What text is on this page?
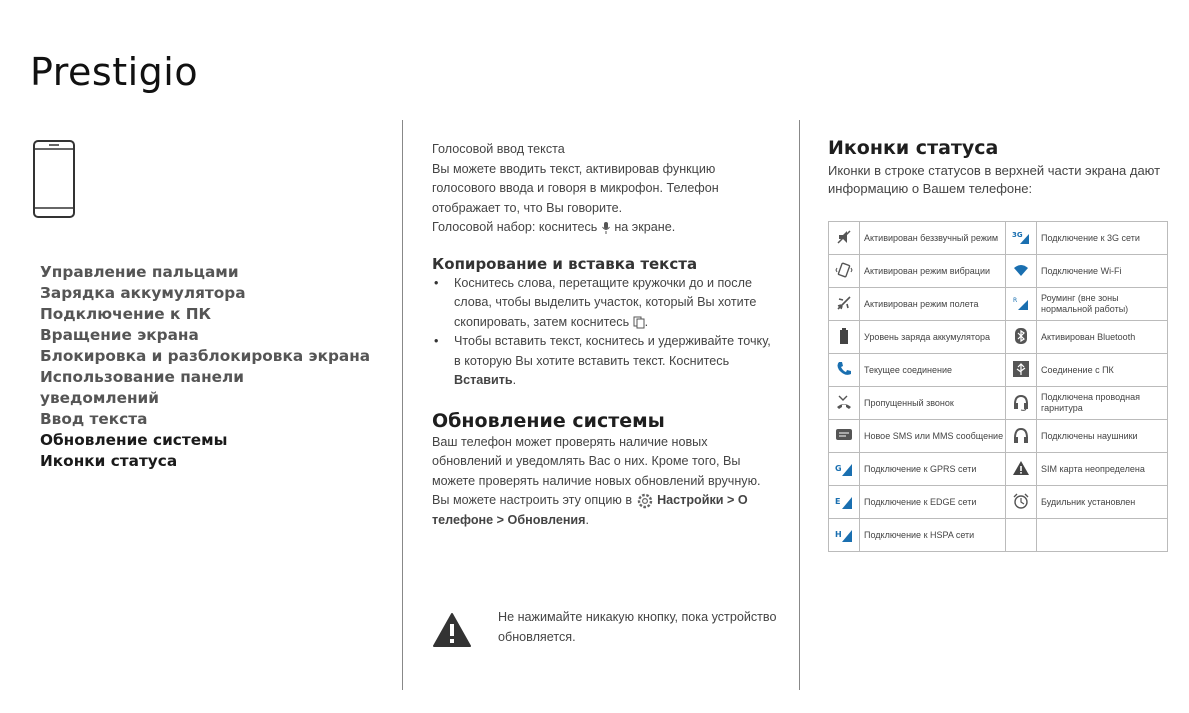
Prestigio
Управление пальцами
Зарядка аккумулятора
Подключение к ПК
Вращение экрана
Блокировка и разблокировка экрана
Использование панели
уведомлений
Ввод текста
Обновление системы
Иконки статуса
Голосовой ввод текста
Вы можете вводить текст, активировав функцию голосового ввода и говоря в микрофон. Телефон отображает то, что Вы говорите.
Голосовой набор: коснитесь на экране.
Копирование и вставка текста
• Коснитесь слова, перетащите кружочки до и после слова, чтобы выделить участок, который Вы хотите скопировать, затем коснитесь .
• Чтобы вставить текст, коснитесь и удерживайте точку, в которую Вы хотите вставить текст. Коснитесь Вставить.
Обновление системы
Ваш телефон может проверять наличие новых обновлений и уведомлять Вас о них. Кроме того, Вы можете проверять наличие новых обновлений вручную. Вы можете настроить эту опцию в Настройки > О телефоне > Обновления.
Не нажимайте никакую кнопку, пока устройство обновляется.
Иконки статуса
Иконки в строке статусов в верхней части экрана дают информацию о Вашем телефоне:
	Активирован беззвучный режим	3G	Подключение к 3G сети
	Активирован режим вибрации		Подключение Wi-Fi
	Активирован режим полета	R	Роуминг (вне зоны нормальной работы)
	Уровень заряда аккумулятора		Активирован Bluetooth
	Текущее соединение		Соединение с ПК
	Пропущенный звонок		Подключена проводная гарнитура
	Новое SMS или MMS сообщение		Подключены наушники

G	Подключение к GPRS сети		SIM карта неопределена

E	Подключение к EDGE сети		Будильник установлен

H	Подключение к HSPA сети		
